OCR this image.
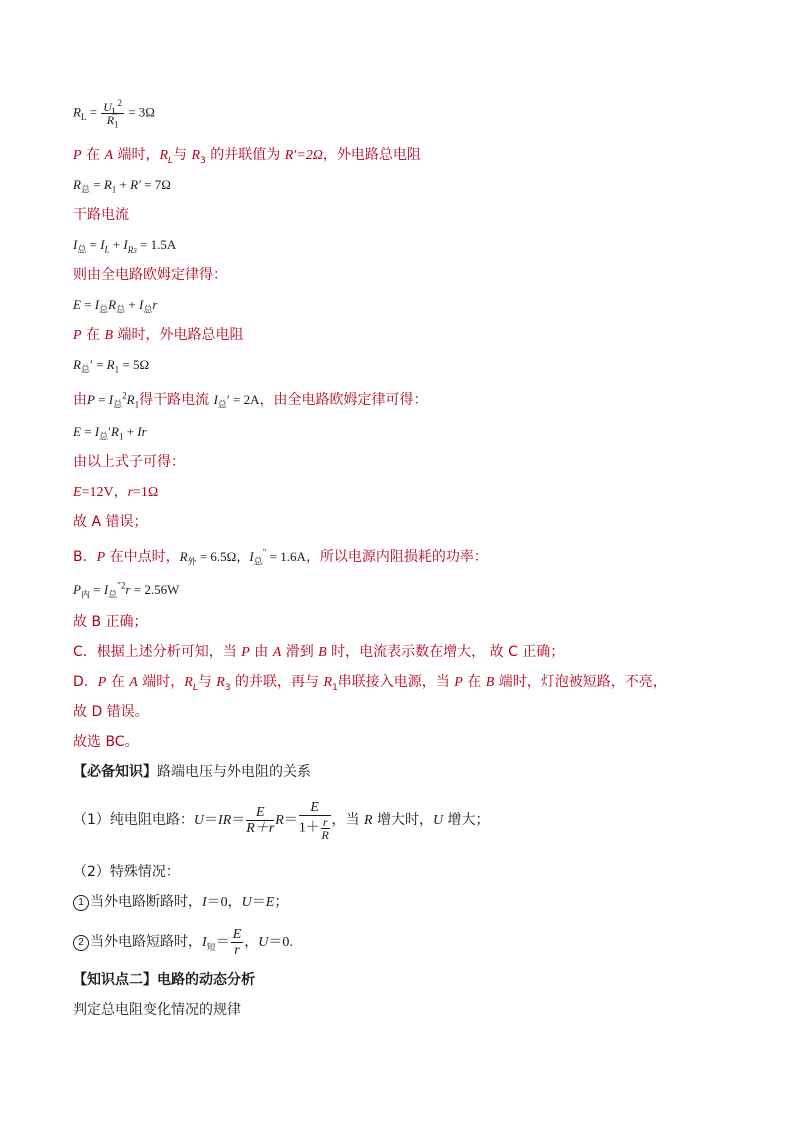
$R_L = \frac{U_L^2}{R_1} = 3\Omega$
P 在 A 端时，$R_L$与 $R_3$ 的并联值为 R′=2Ω，外电路总电阻
$R_总 = R_1 + R' = 7\Omega$
干路电流
$I_总 = I_L + I_{R3} = 1.5A$
则由全电路欧姆定律得：
$E = I_总R_总 + I_总r$
P 在 B 端时，外电路总电阻
$R_总' = R_1 = 5\Omega$
由$P = I_总^2R_1$得干路电流 $I_总' = 2A$，由全电路欧姆定律可得：
$E = I_总'R_1 + Ir$
由以上式子可得：
E=12V，r=1Ω
故 A 错误；
B．P 在中点时，$R_外 = 6.5\Omega$，$I_总'' = 1.6A$，所以电源内阻损耗的功率：
$P_内 = I_总^{''2}r = 2.56W$
故 B 正确；
C．根据上述分析可知，当 P 由 A 滑到 B 时，电流表示数在增大， 故 C 正确；
D．P 在 A 端时，$R_L$与 $R_3$ 的并联，再与 $R_1$串联接入电源，当 P 在 B 端时，灯泡被短路，不亮，
故 D 错误。
故选 BC。
【必备知识】路端电压与外电阻的关系
（1）纯电阻电路：$U=IR= \frac{E}{R+r} R= \frac{E}{1+ \frac{r}{R}}$ ，当 R 增大时，U 增大；
（2）特殊情况：
1 当外电路断路时，I＝0，U＝E；
2 当外电路短路时，$I_短= \frac{E}{r}$ ，U＝0.
【知识点二】电路的动态分析
判定总电阻变化情况的规律
